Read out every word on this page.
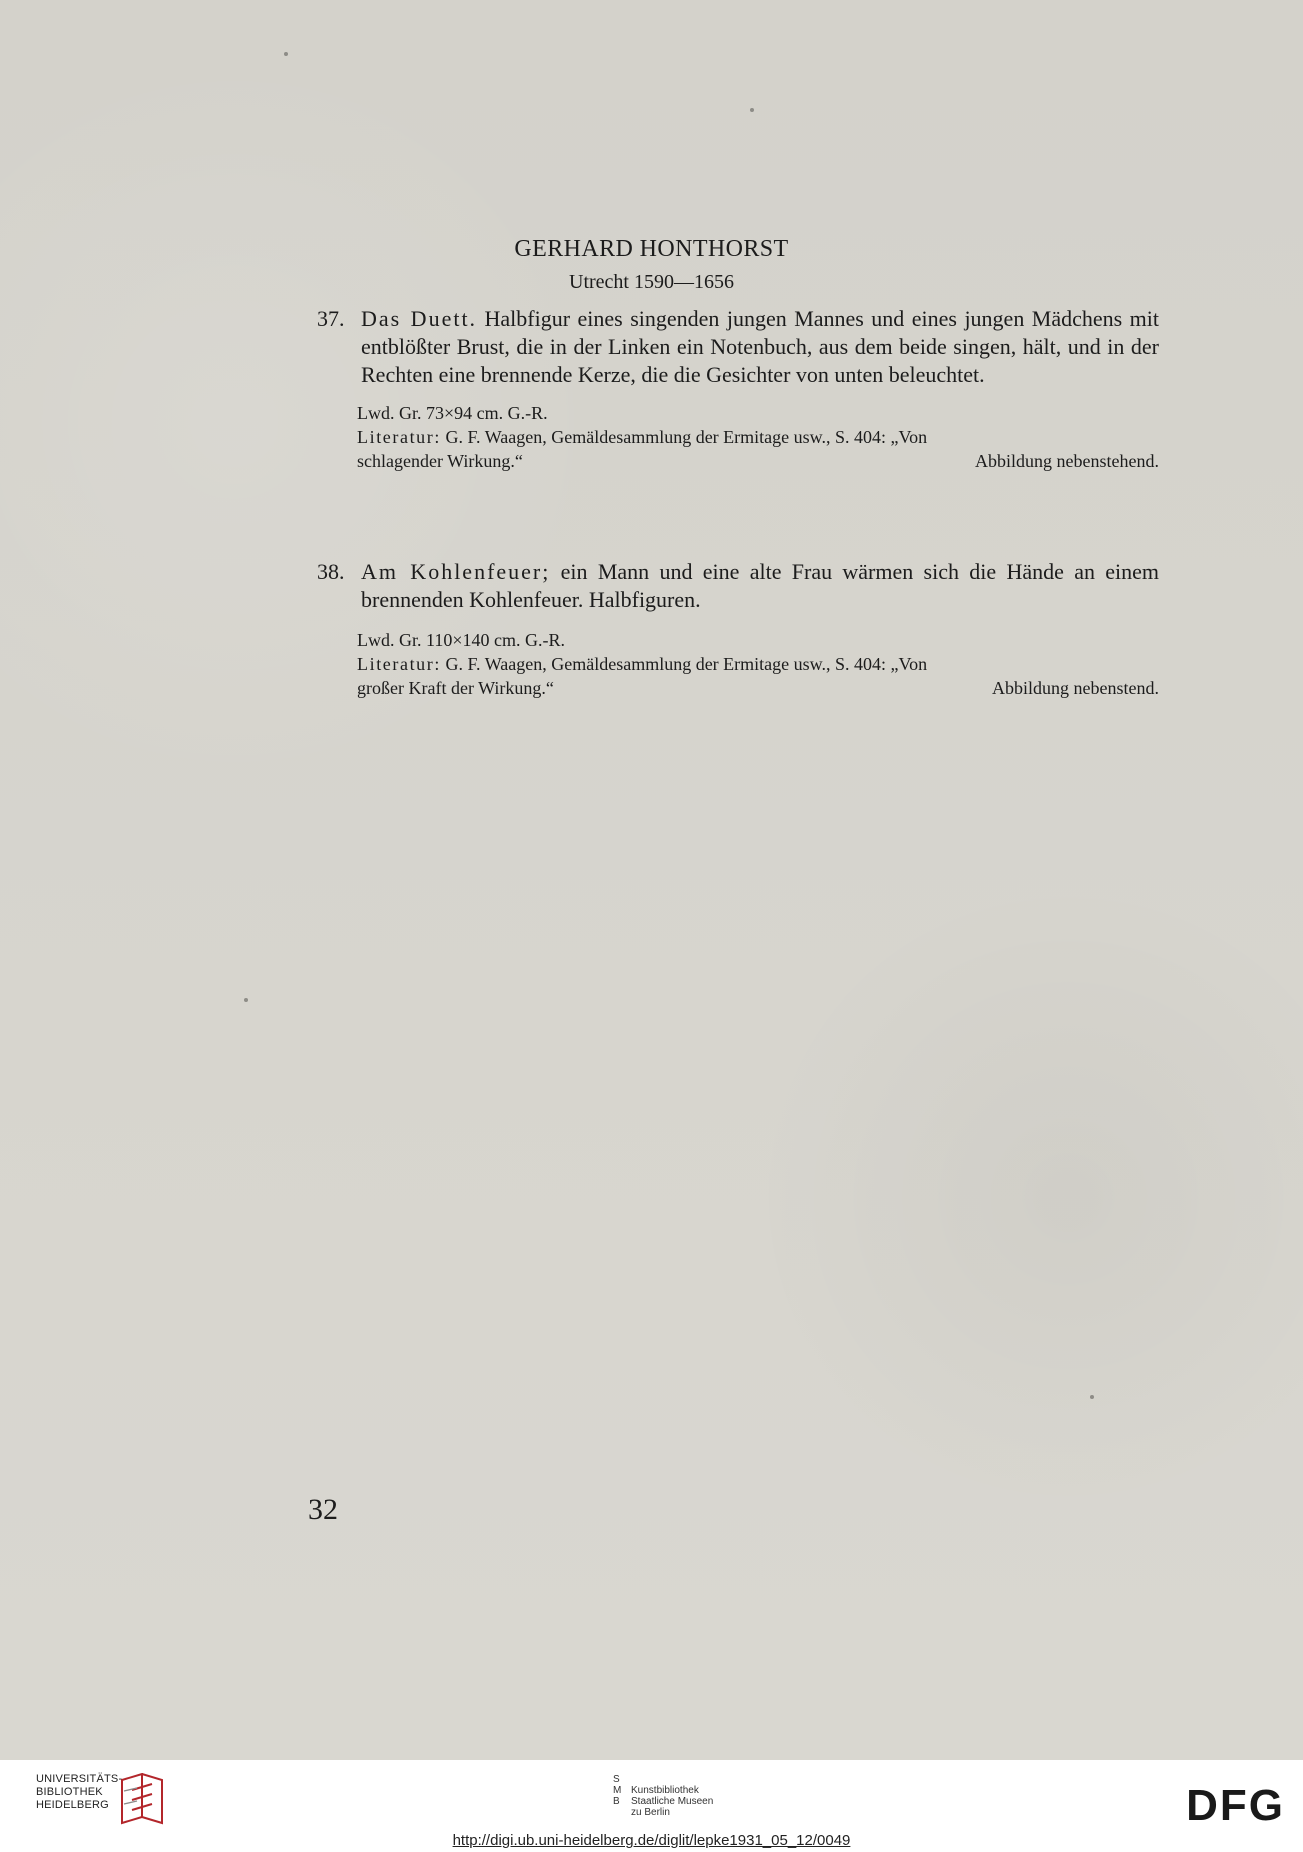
GERHARD HONTHORST
Utrecht 1590—1656
37. Das Duett. Halbfigur eines singenden jungen Mannes und eines jungen Mädchens mit entblößter Brust, die in der Linken ein Notenbuch, aus dem beide singen, hält, und in der Rechten eine brennende Kerze, die die Gesichter von unten beleuchtet.
Lwd. Gr. 73×94 cm. G.-R.
Literatur: G. F. Waagen, Gemäldesammlung der Ermitage usw., S. 404: „Von
schlagender Wirkung.“	Abbildung nebenstehend.
38. Am Kohlenfeuer; ein Mann und eine alte Frau wärmen sich die Hände an einem brennenden Kohlenfeuer. Halbfiguren.
Lwd. Gr. 110×140 cm. G.-R.
Literatur: G. F. Waagen, Gemäldesammlung der Ermitage usw., S. 404: „Von
großer Kraft der Wirkung.“	Abbildung nebenstend.
32
UNIVERSITÄTS-
BIBLIOTHEK
HEIDELBERG
S
M
B
Kunstbibliothek
Staatliche Museen
zu Berlin	DFG
http://digi.ub.uni-heidelberg.de/diglit/lepke1931_05_12/0049
